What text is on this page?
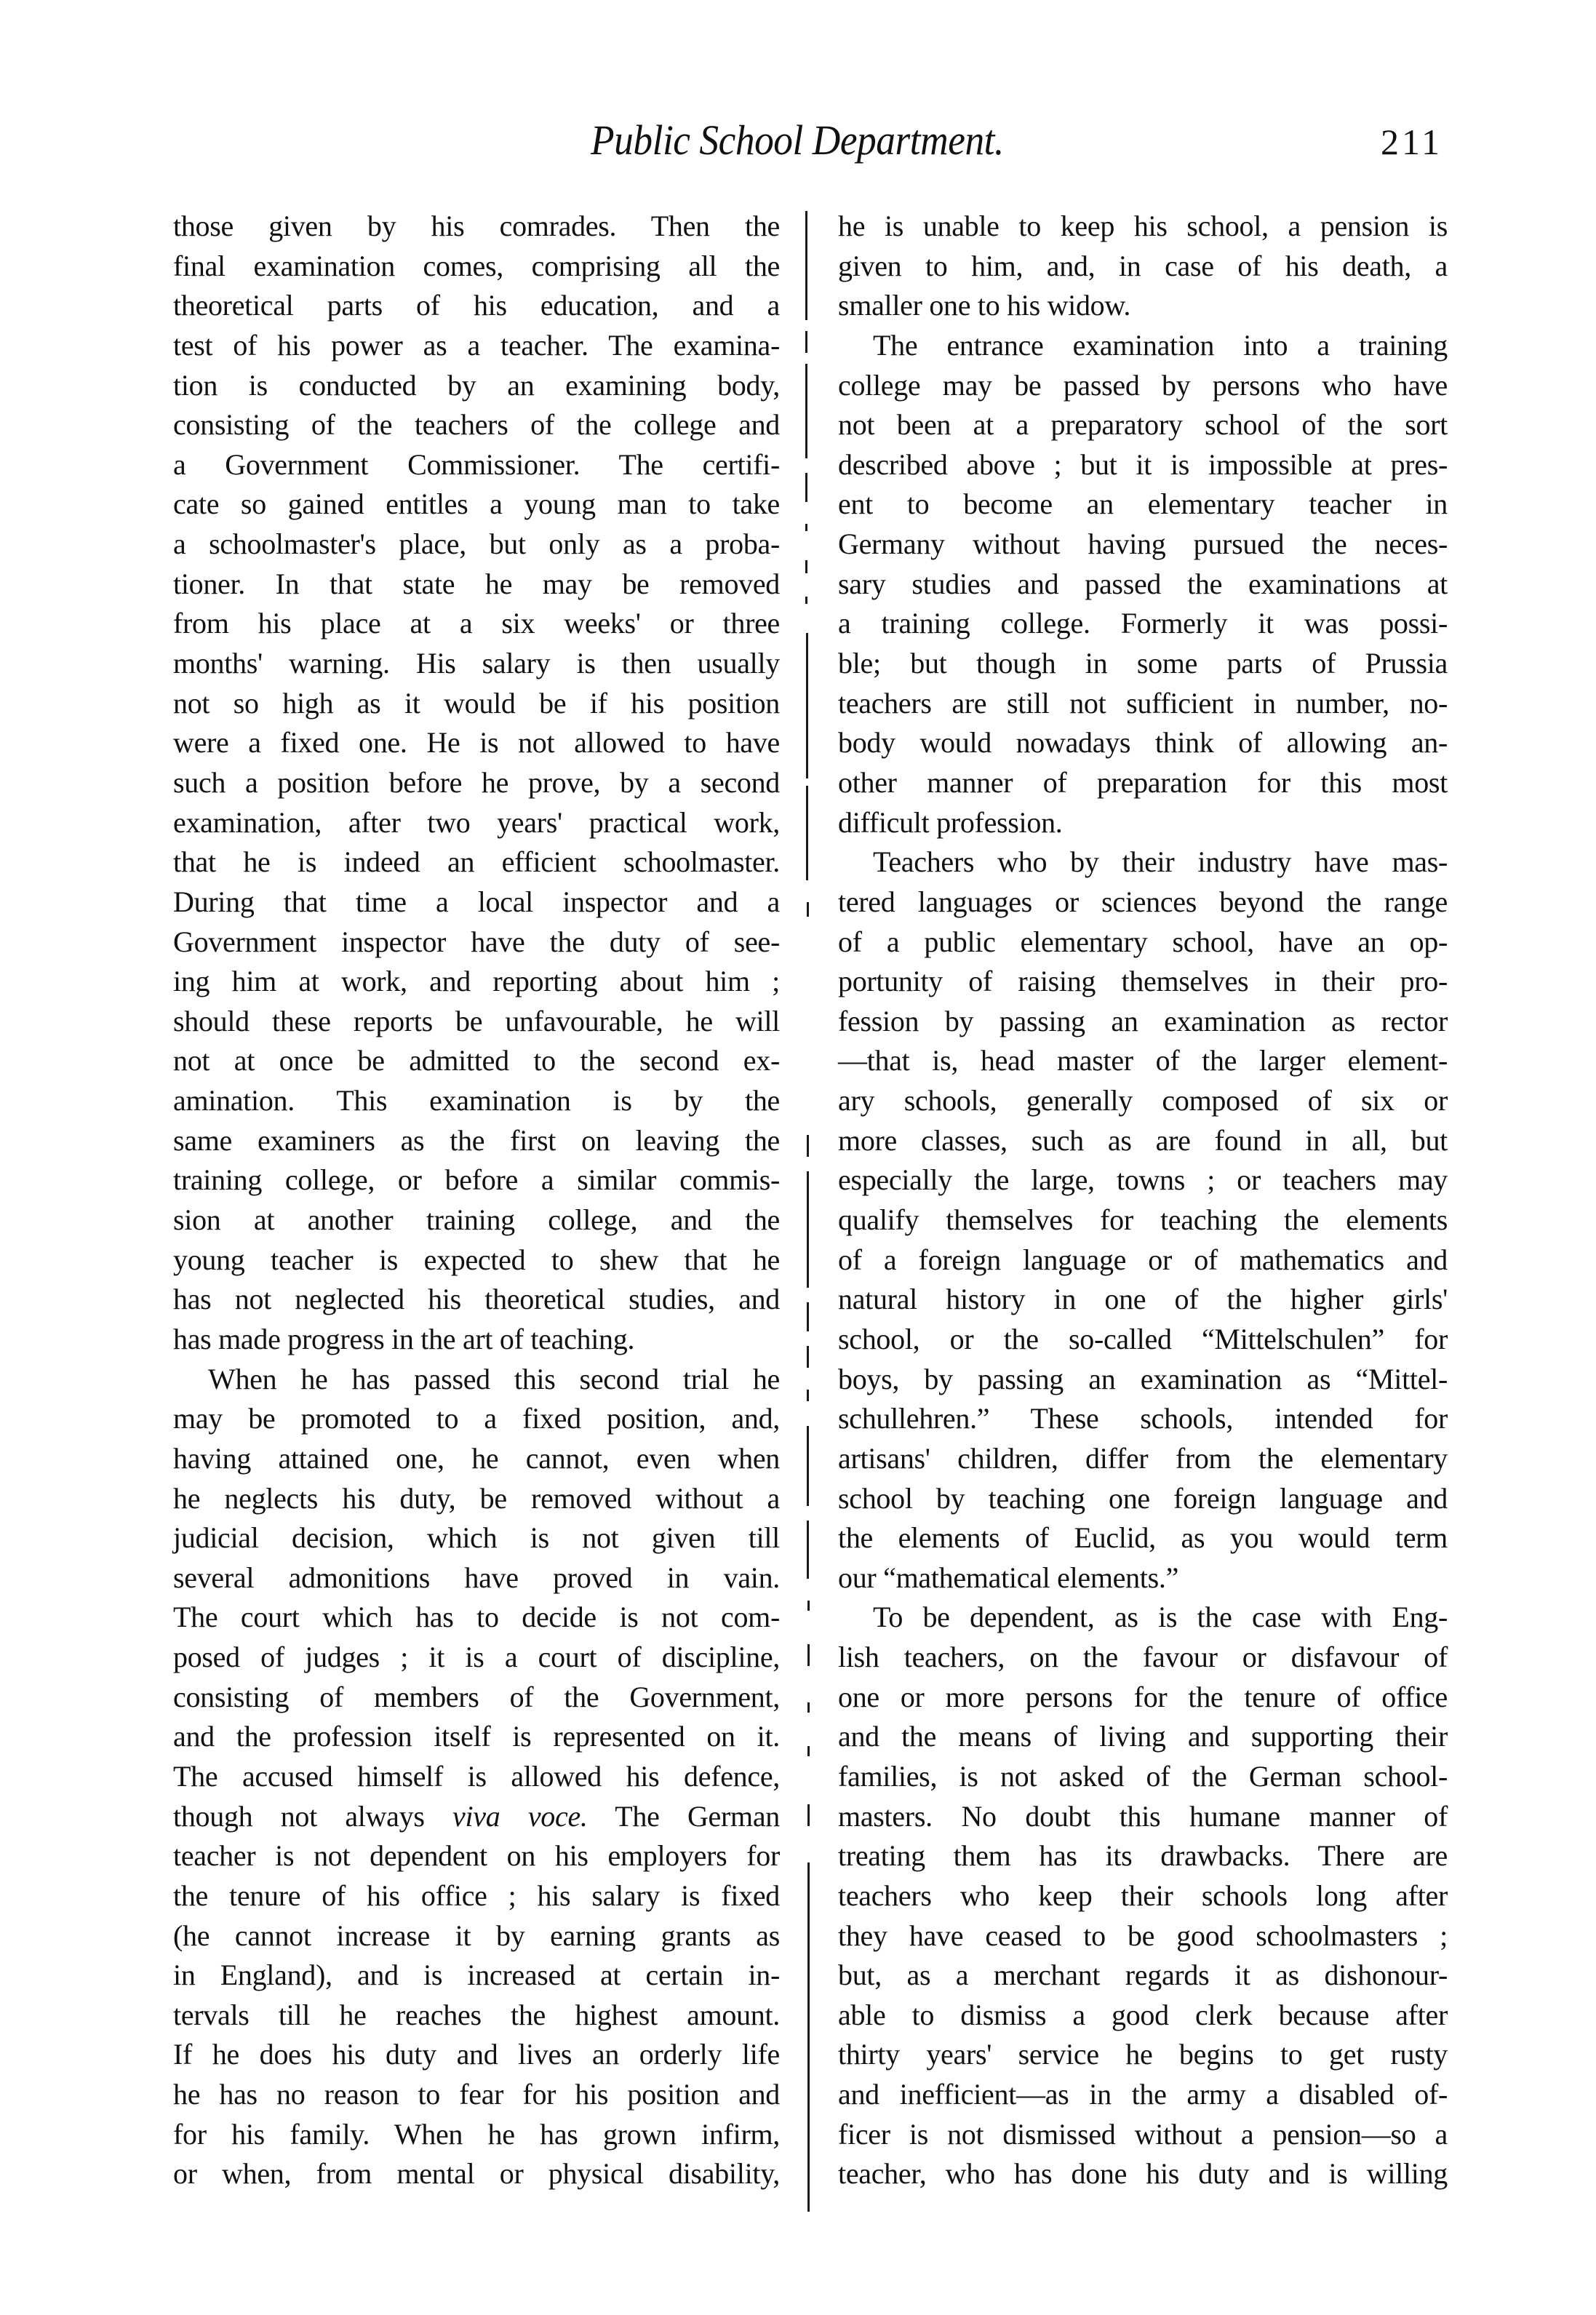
Public School Department.	211
those given by his comrades. Then the
final examination comes, comprising all the
theoretical parts of his education, and a
test of his power as a teacher. The examina-
tion is conducted by an examining body,
consisting of the teachers of the college and
a Government Commissioner. The certifi-
cate so gained entitles a young man to take
a schoolmaster's place, but only as a proba-
tioner. In that state he may be removed
from his place at a six weeks' or three
months' warning. His salary is then usually
not so high as it would be if his position
were a fixed one. He is not allowed to have
such a position before he prove, by a second
examination, after two years' practical work,
that he is indeed an efficient schoolmaster.
During that time a local inspector and a
Government inspector have the duty of see-
ing him at work, and reporting about him ;
should these reports be unfavourable, he will
not at once be admitted to the second ex-
amination. This examination is by the
same examiners as the first on leaving the
training college, or before a similar commis-
sion at another training college, and the
young teacher is expected to shew that he
has not neglected his theoretical studies, and
has made progress in the art of teaching.
When he has passed this second trial he
may be promoted to a fixed position, and,
having attained one, he cannot, even when
he neglects his duty, be removed without a
judicial decision, which is not given till
several admonitions have proved in vain.
The court which has to decide is not com-
posed of judges ; it is a court of discipline,
consisting of members of the Government,
and the profession itself is represented on it.
The accused himself is allowed his defence,
though not always viva voce. The German
teacher is not dependent on his employers for
the tenure of his office ; his salary is fixed
(he cannot increase it by earning grants as
in England), and is increased at certain in-
tervals till he reaches the highest amount.
If he does his duty and lives an orderly life
he has no reason to fear for his position and
for his family. When he has grown infirm,
or when, from mental or physical disability,
he is unable to keep his school, a pension is
given to him, and, in case of his death, a
smaller one to his widow.
The entrance examination into a training
college may be passed by persons who have
not been at a preparatory school of the sort
described above ; but it is impossible at pres-
ent to become an elementary teacher in
Germany without having pursued the neces-
sary studies and passed the examinations at
a training college. Formerly it was possi-
ble; but though in some parts of Prussia
teachers are still not sufficient in number, no-
body would nowadays think of allowing an-
other manner of preparation for this most
difficult profession.
Teachers who by their industry have mas-
tered languages or sciences beyond the range
of a public elementary school, have an op-
portunity of raising themselves in their pro-
fession by passing an examination as rector
—that is, head master of the larger element-
ary schools, generally composed of six or
more classes, such as are found in all, but
especially the large, towns ; or teachers may
qualify themselves for teaching the elements
of a foreign language or of mathematics and
natural history in one of the higher girls'
school, or the so-called “Mittelschulen” for
boys, by passing an examination as “Mittel-
schullehren.” These schools, intended for
artisans' children, differ from the elementary
school by teaching one foreign language and
the elements of Euclid, as you would term
our “mathematical elements.”
To be dependent, as is the case with Eng-
lish teachers, on the favour or disfavour of
one or more persons for the tenure of office
and the means of living and supporting their
families, is not asked of the German school-
masters. No doubt this humane manner of
treating them has its drawbacks. There are
teachers who keep their schools long after
they have ceased to be good schoolmasters ;
but, as a merchant regards it as dishonour-
able to dismiss a good clerk because after
thirty years' service he begins to get rusty
and inefficient—as in the army a disabled of-
ficer is not dismissed without a pension—so a
teacher, who has done his duty and is willing
